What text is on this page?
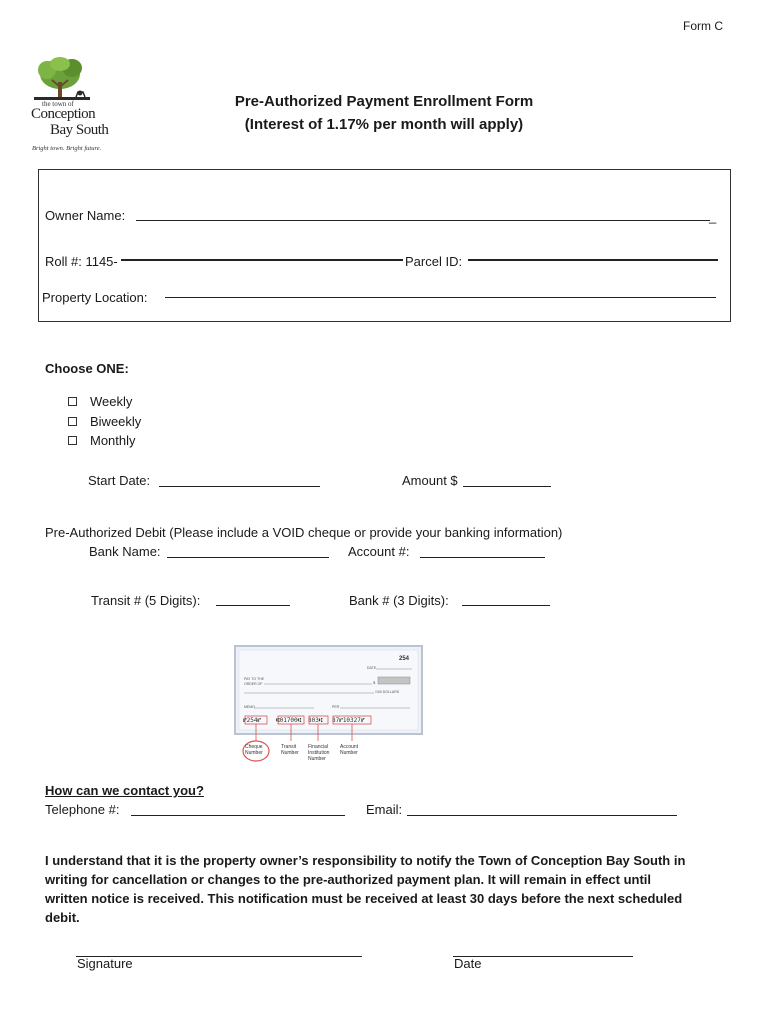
Form C
the town of
Conception
Bay South
Bright town. Bright future.
Pre-Authorized Payment Enrollment Form
(Interest of 1.17% per month will apply)
Owner Name:	_
Roll #: 1145-	Parcel ID:
Property Location:
Choose ONE:
Weekly
Biweekly
Monthly
Start Date:	Amount $
Pre-Authorized Debit (Please include a VOID cheque or provide your banking information)
Bank Name:	Account #:
Transit # (5 Digits):	Bank # (3 Digits):
254
DATE
PAY TO THE
ORDER OF	$
/100 DOLLARS
MEMO	PER
⑈254⑈ ⑆01700⑆ 803⑆ 87⑈10327⑈
Cheque
Number
Transit
Number
Financial
Institution
Number
Account
Number
How can we contact you?
Telephone #:	Email:
I understand that it is the property owner’s responsibility to notify the Town of Conception Bay South in
writing for cancellation or changes to the pre-authorized payment plan. It will remain in effect until
written notice is received. This notification must be received at least 30 days before the next scheduled
debit.
Signature	Date
